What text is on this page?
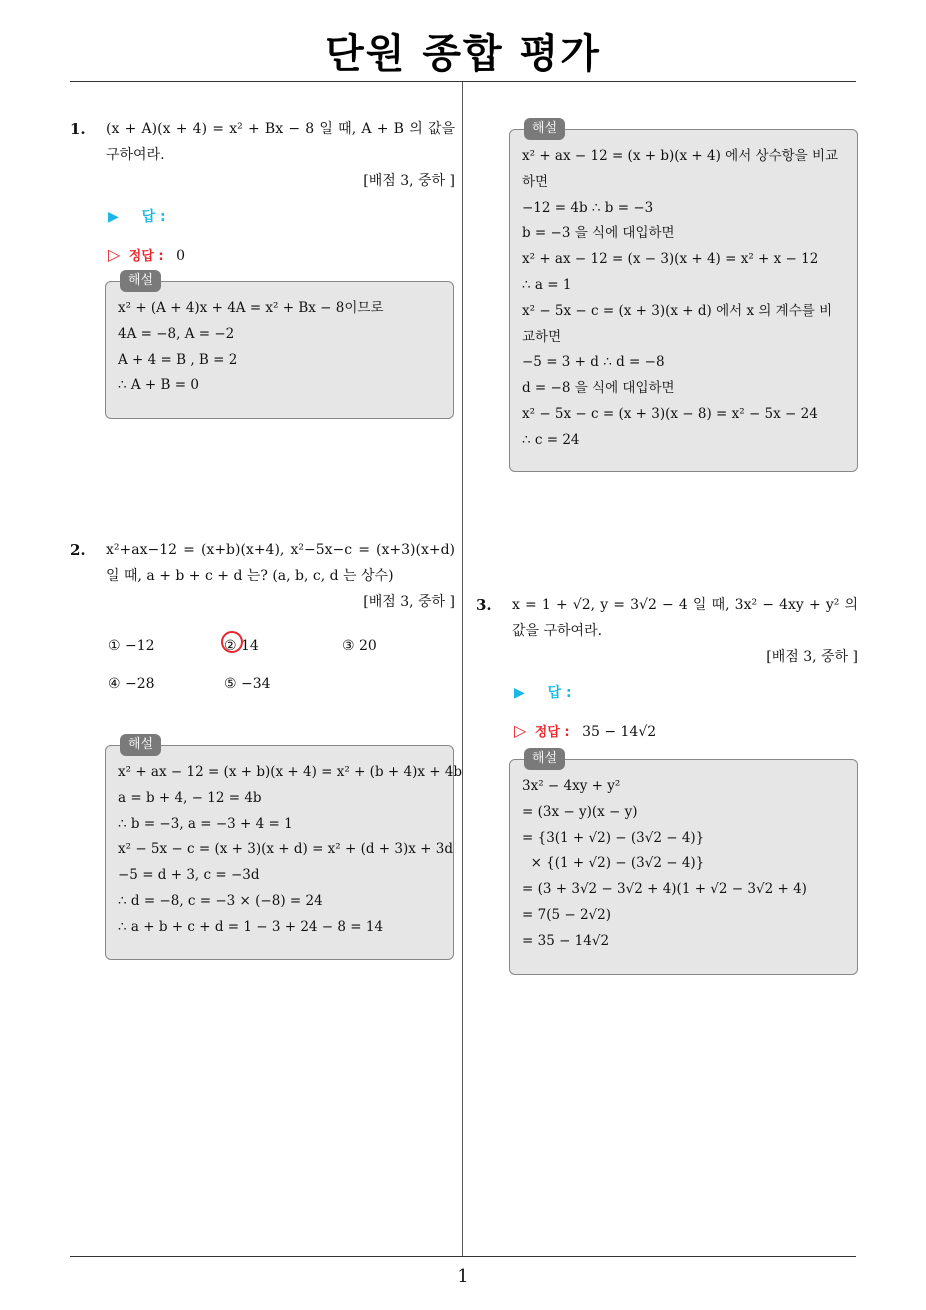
단원 종합 평가
1
1. (x + A)(x + 4) = x² + Bx − 8 일 때, A + B 의 값을 구하여라.
[배점 3, 중하 ]
▶ 답 :
▷ 정답 : 0
해설
x² + (A + 4)x + 4A = x² + Bx − 8이므로
4A = −8, A = −2
A + 4 = B , B = 2
∴ A + B = 0
2. x²+ax−12 = (x+b)(x+4), x²−5x−c = (x+3)(x+d) 일 때, a + b + c + d 는? (a, b, c, d 는 상수)
[배점 3, 중하 ]
① −12	② 14	③ 20
④ −28	⑤ −34
해설
x² + ax − 12 = (x + b)(x + 4) = x² + (b + 4)x + 4b
a = b + 4, − 12 = 4b
∴ b = −3, a = −3 + 4 = 1
x² − 5x − c = (x + 3)(x + d) = x² + (d + 3)x + 3d
−5 = d + 3, c = −3d
∴ d = −8, c = −3 × (−8) = 24
∴ a + b + c + d = 1 − 3 + 24 − 8 = 14
해설
x² + ax − 12 = (x + b)(x + 4) 에서 상수항을 비교하면
−12 = 4b ∴ b = −3
b = −3 을 식에 대입하면
x² + ax − 12 = (x − 3)(x + 4) = x² + x − 12
∴ a = 1
x² − 5x − c = (x + 3)(x + d) 에서 x 의 계수를 비교하면
−5 = 3 + d ∴ d = −8
d = −8 을 식에 대입하면
x² − 5x − c = (x + 3)(x − 8) = x² − 5x − 24
∴ c = 24
3. x = 1 + √2, y = 3√2 − 4 일 때, 3x² − 4xy + y² 의 값을 구하여라.
[배점 3, 중하 ]
▶ 답 :
▷ 정답 : 35 − 14√2
해설
3x² − 4xy + y²
= (3x − y)(x − y)
= {3(1 + √2) − (3√2 − 4)}
× {(1 + √2) − (3√2 − 4)}
= (3 + 3√2 − 3√2 + 4)(1 + √2 − 3√2 + 4)
= 7(5 − 2√2)
= 35 − 14√2
